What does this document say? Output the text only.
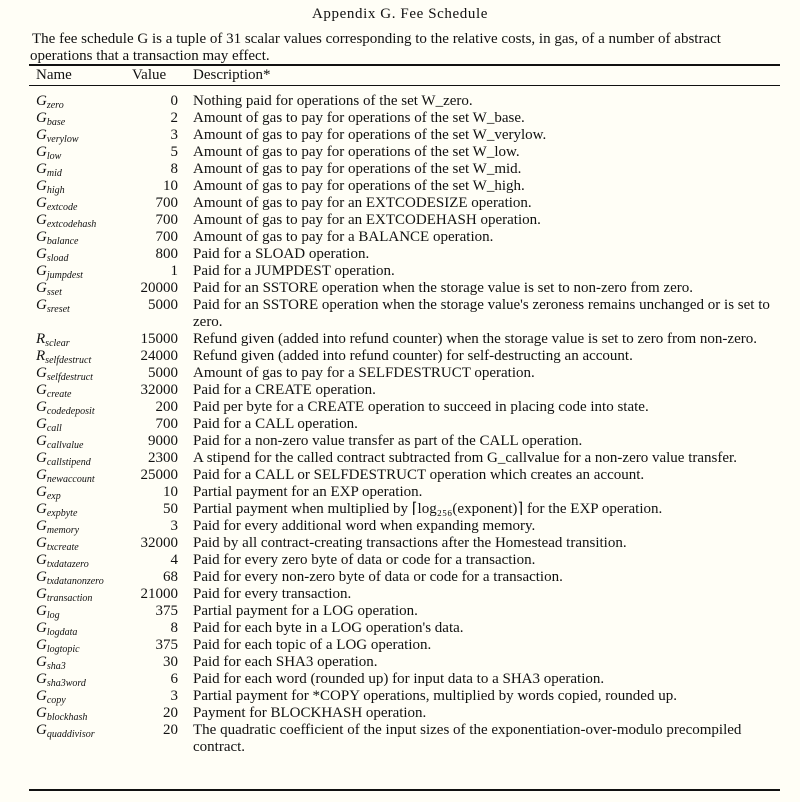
Appendix G. Fee Schedule
The fee schedule G is a tuple of 31 scalar values corresponding to the relative costs, in gas, of a number of abstract operations that a transaction may effect.
Name	Value Description*
$G_{zero}$	0 Nothing paid for operations of the set W_zero.
$G_{base}$	2 Amount of gas to pay for operations of the set W_base.
$G_{verylow}$	3 Amount of gas to pay for operations of the set W_verylow.
$G_{low}$	5 Amount of gas to pay for operations of the set W_low.
$G_{mid}$	8 Amount of gas to pay for operations of the set W_mid.
$G_{high}$	10 Amount of gas to pay for operations of the set W_high.
$G_{extcode}$	700 Amount of gas to pay for an EXTCODESIZE operation.
$G_{extcodehash}$	700 Amount of gas to pay for an EXTCODEHASH operation.
$G_{balance}$	700 Amount of gas to pay for a BALANCE operation.
$G_{sload}$	800 Paid for a SLOAD operation.
$G_{jumpdest}$	1 Paid for a JUMPDEST operation.
$G_{sset}$	20000 Paid for an SSTORE operation when the storage value is set to non-zero from zero.
$G_{sreset}$	5000 Paid for an SSTORE operation when the storage value's zeroness remains unchanged or is set to zero.
$R_{sclear}$	15000 Refund given (added into refund counter) when the storage value is set to zero from non-zero.
$R_{selfdestruct}$	24000 Refund given (added into refund counter) for self-destructing an account.
$G_{selfdestruct}$	5000 Amount of gas to pay for a SELFDESTRUCT operation.
$G_{create}$	32000 Paid for a CREATE operation.
$G_{codedeposit}$	200 Paid per byte for a CREATE operation to succeed in placing code into state.
$G_{call}$	700 Paid for a CALL operation.
$G_{callvalue}$	9000 Paid for a non-zero value transfer as part of the CALL operation.
$G_{callstipend}$	2300 A stipend for the called contract subtracted from G_callvalue for a non-zero value transfer.
$G_{newaccount}$	25000 Paid for a CALL or SELFDESTRUCT operation which creates an account.
$G_{exp}$	10 Partial payment for an EXP operation.
$G_{expbyte}$	50 Partial payment when multiplied by ⌈log₂₅₆(exponent)⌉ for the EXP operation.
$G_{memory}$	3 Paid for every additional word when expanding memory.
$G_{txcreate}$	32000 Paid by all contract-creating transactions after the Homestead transition.
$G_{txdatazero}$	4 Paid for every zero byte of data or code for a transaction.
$G_{txdatanonzero}$	68 Paid for every non-zero byte of data or code for a transaction.
$G_{transaction}$	21000 Paid for every transaction.
$G_{log}$	375 Partial payment for a LOG operation.
$G_{logdata}$	8 Paid for each byte in a LOG operation's data.
$G_{logtopic}$	375 Paid for each topic of a LOG operation.
$G_{sha3}$	30 Paid for each SHA3 operation.
$G_{sha3word}$	6 Paid for each word (rounded up) for input data to a SHA3 operation.
$G_{copy}$	3 Partial payment for *COPY operations, multiplied by words copied, rounded up.
$G_{blockhash}$	20 Payment for BLOCKHASH operation.
$G_{quaddivisor}$	20 The quadratic coefficient of the input sizes of the exponentiation-over-modulo precompiled contract.
